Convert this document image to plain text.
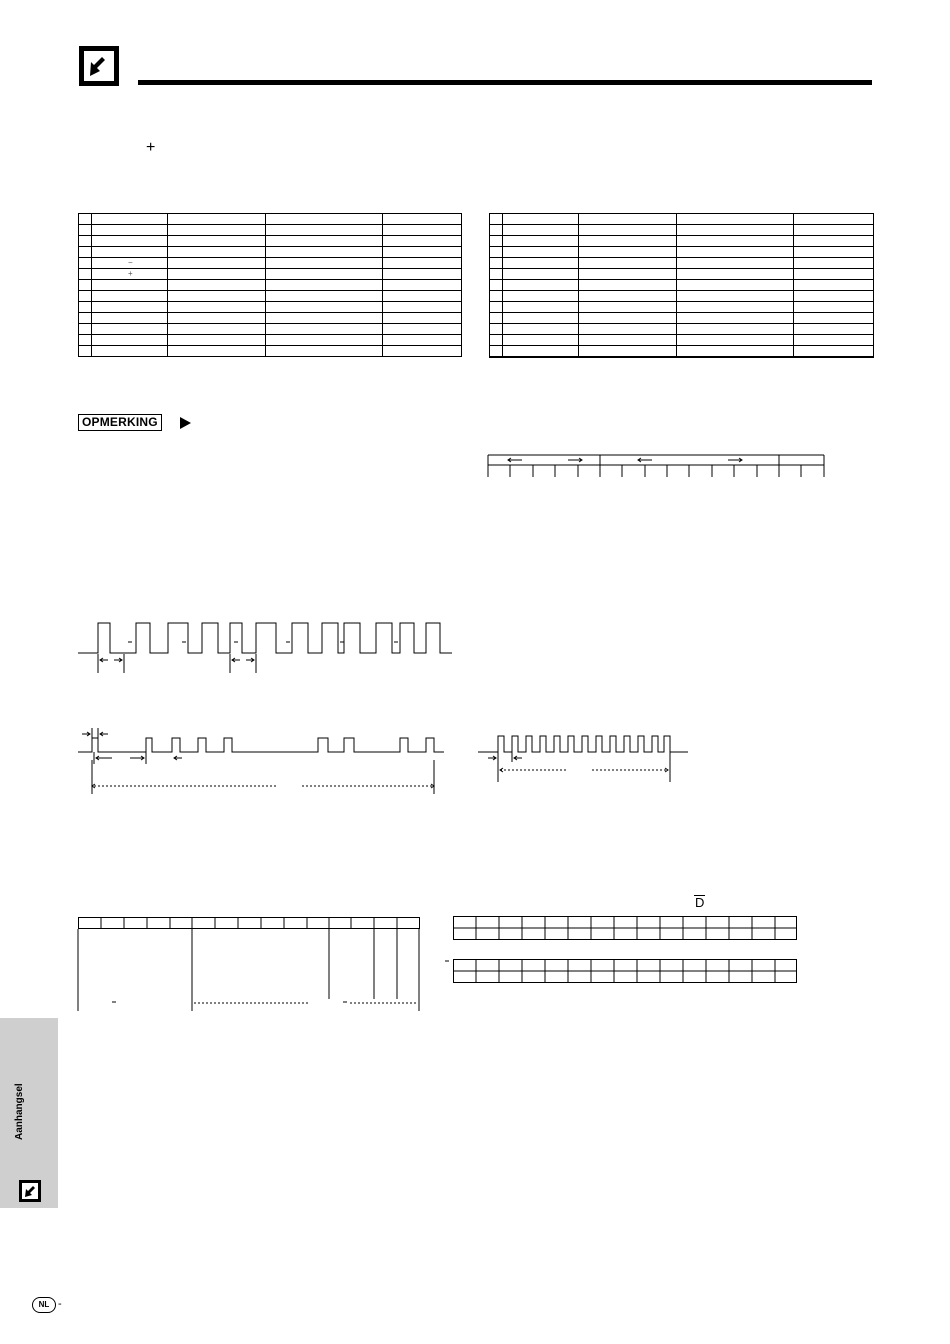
+

	−			
	+			

OPMERKING
D
Aanhangsel
NL -
